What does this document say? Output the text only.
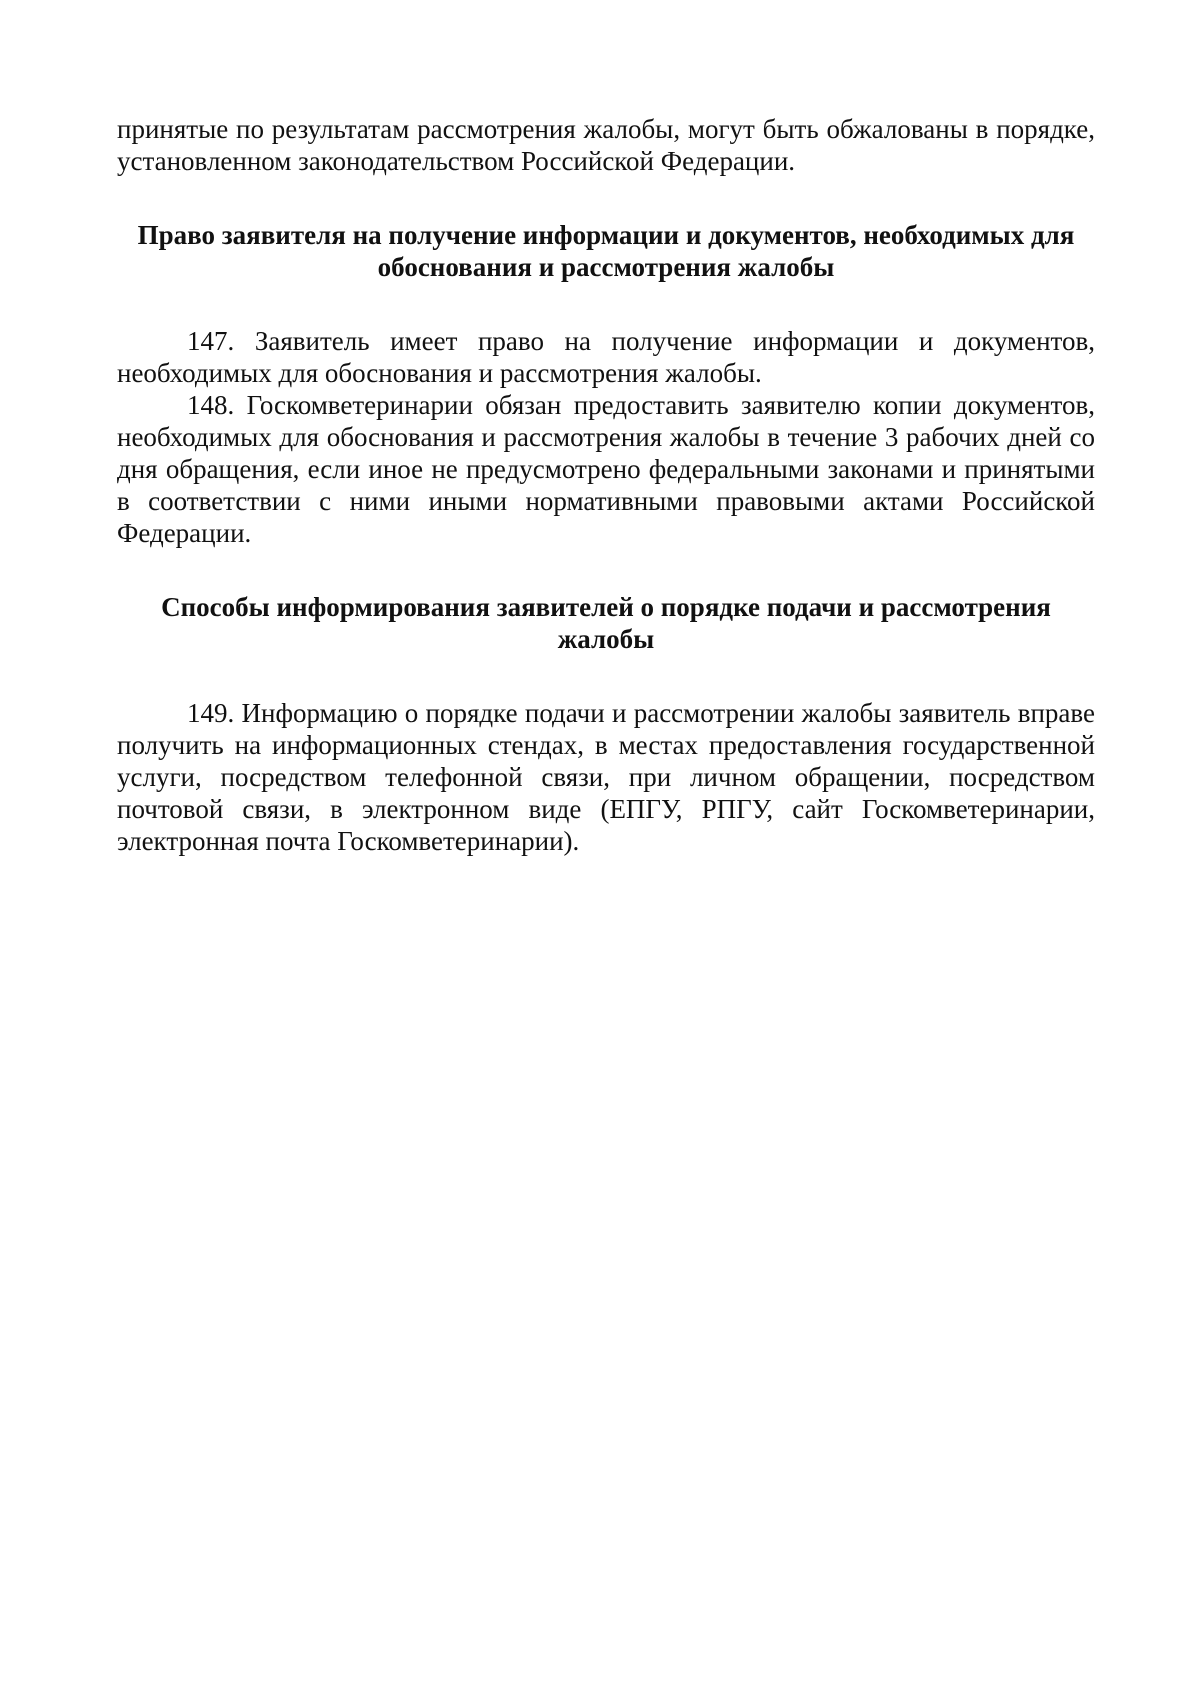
принятые по результатам рассмотрения жалобы, могут быть обжалованы в порядке, установленном законодательством Российской Федерации.

Право заявителя на получение информации и документов, необходимых для обоснования и рассмотрения жалобы

147. Заявитель имеет право на получение информации и документов, необходимых для обоснования и рассмотрения жалобы.

148. Госкомветеринарии обязан предоставить заявителю копии документов, необходимых для обоснования и рассмотрения жалобы в течение 3 рабочих дней со дня обращения, если иное не предусмотрено федеральными законами и принятыми в соответствии с ними иными нормативными правовыми актами Российской Федерации.

Способы информирования заявителей о порядке подачи и рассмотрения жалобы

149. Информацию о порядке подачи и рассмотрении жалобы заявитель вправе получить на информационных стендах, в местах предоставления государственной услуги, посредством телефонной связи, при личном обращении, посредством почтовой связи, в электронном виде (ЕПГУ, РПГУ, сайт Госкомветеринарии, электронная почта Госкомветеринарии).
